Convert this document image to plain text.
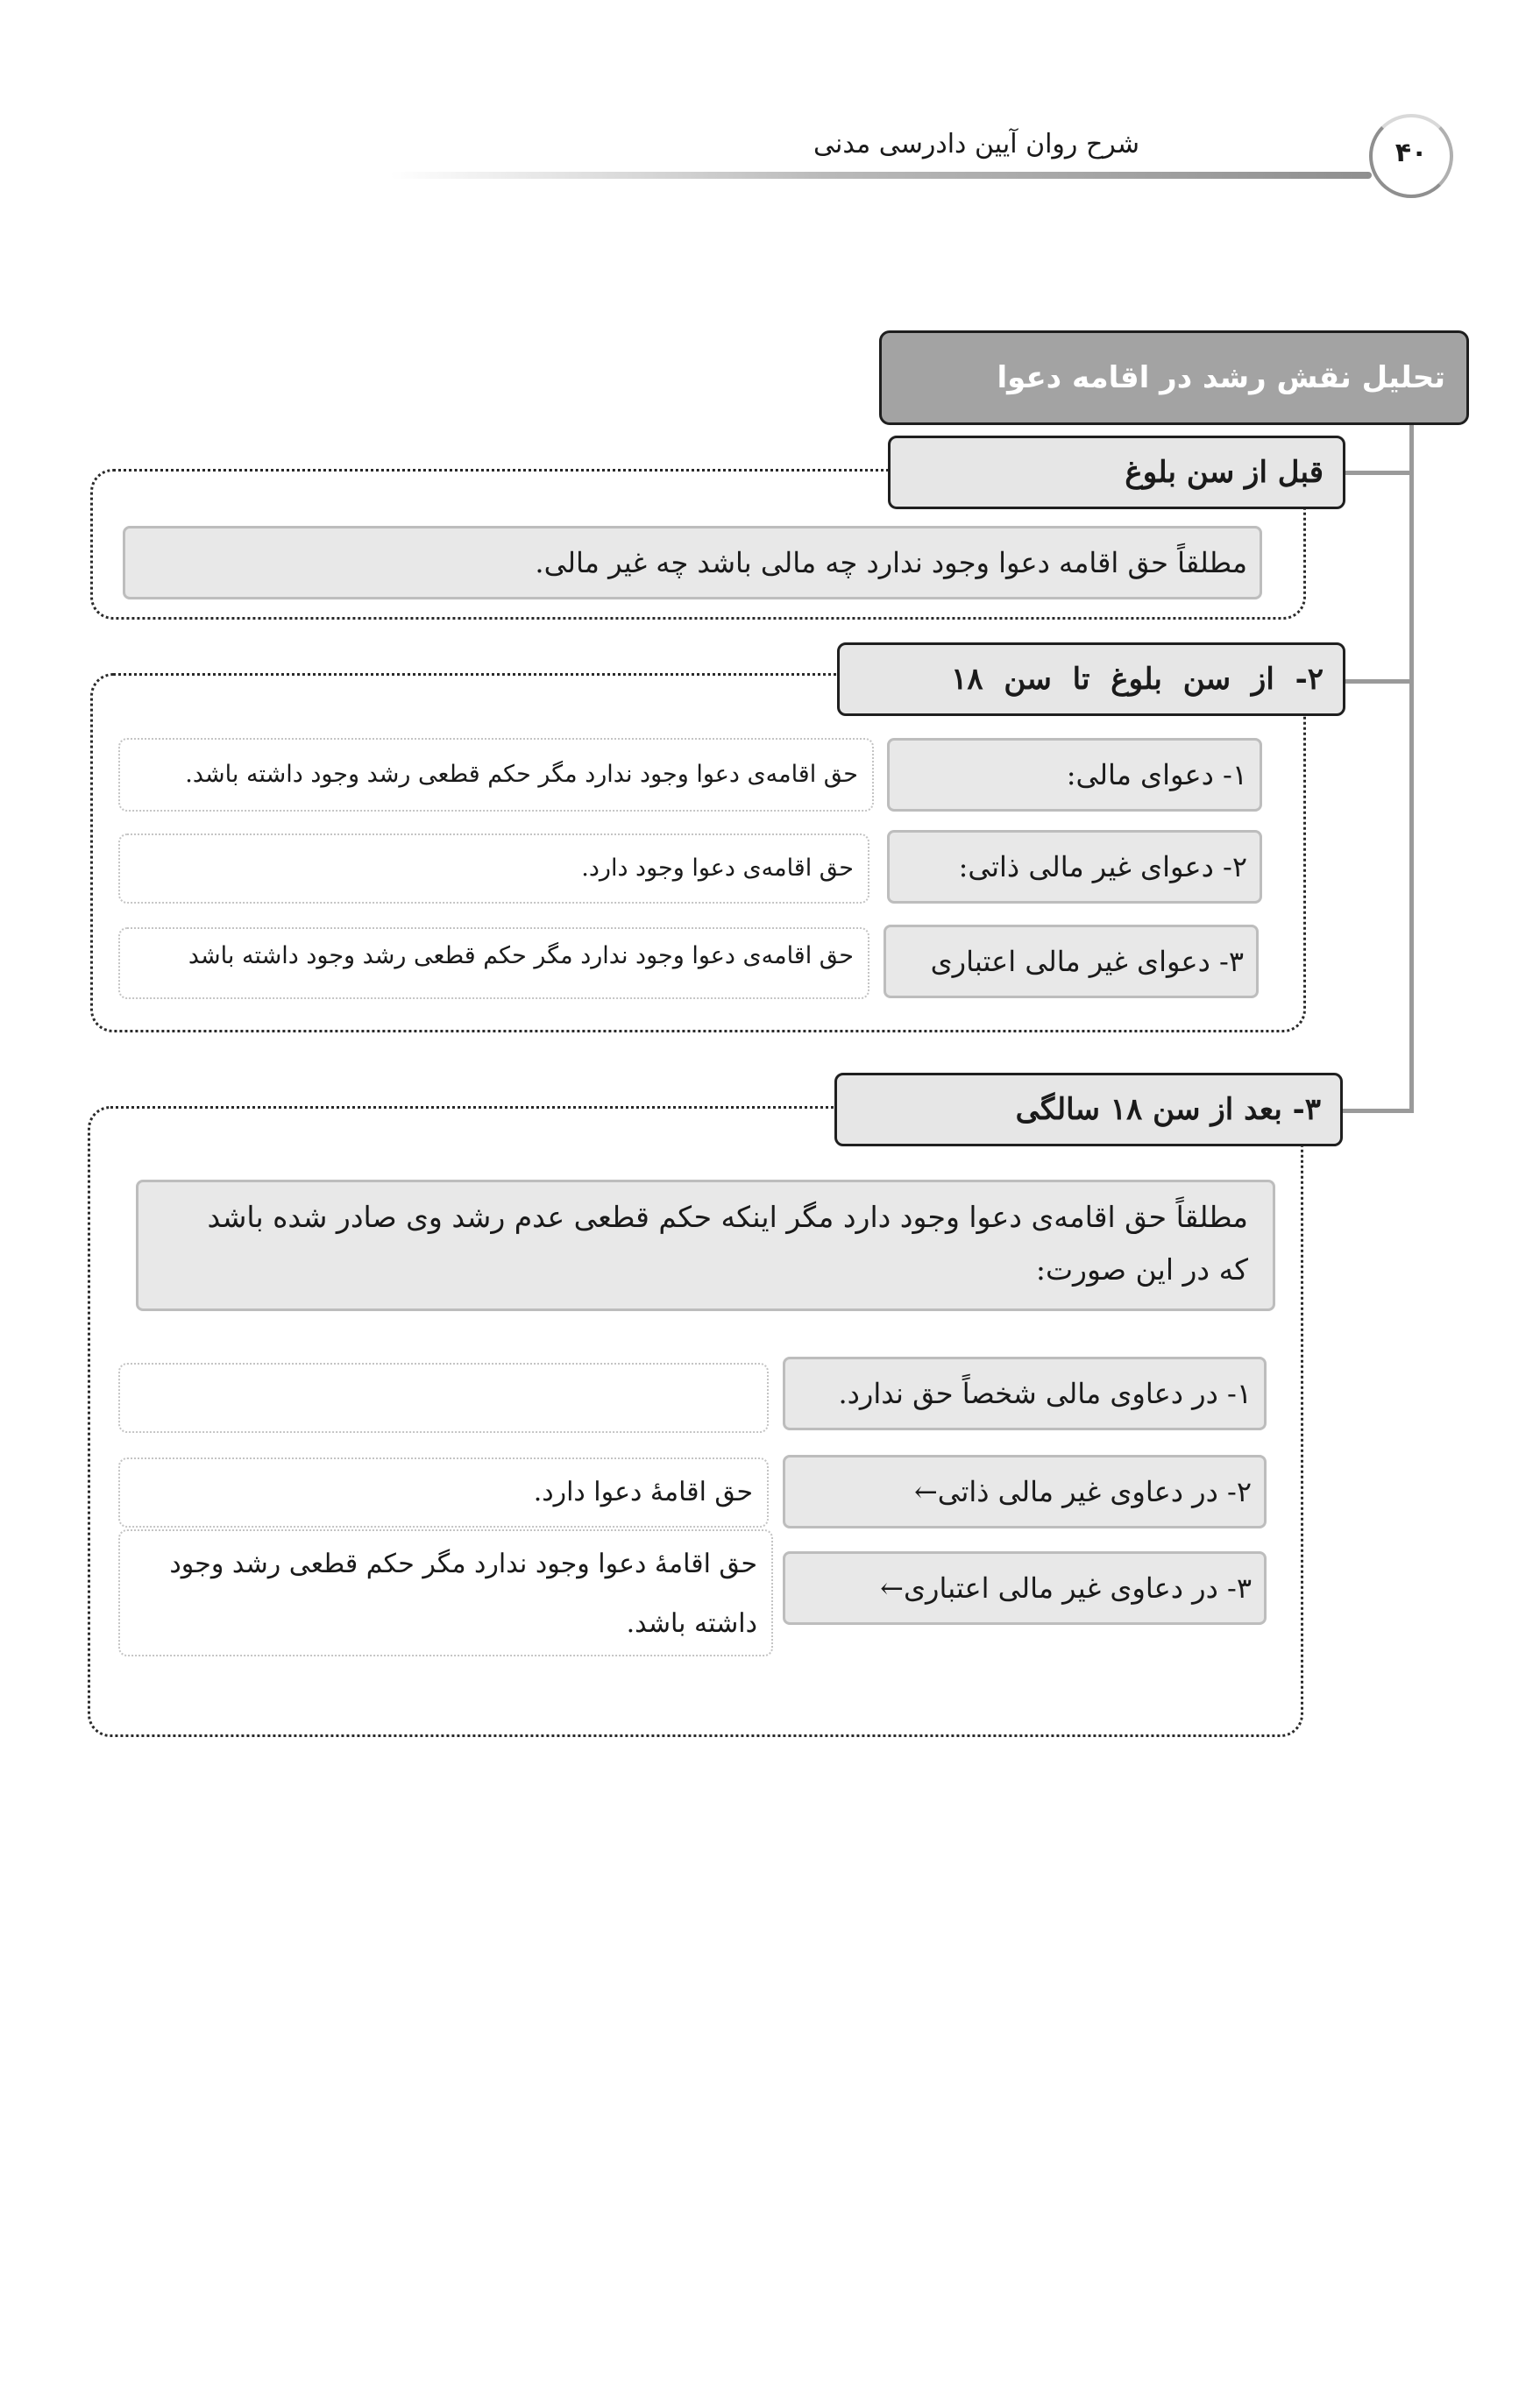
شرح روان آیین دادرسی مدنی	۴۰
تحلیل نقش رشد در اقامه دعوا
قبل از سن بلوغ
مطلقاً حق اقامه دعوا وجود ندارد چه مالی باشد چه غیر مالی.
۲- از سن بلوغ تا سن ۱۸
۱- دعوای مالی:
حق اقامه‌ی دعوا وجود ندارد مگر حکم قطعی رشد وجود داشته باشد.
۲- دعوای غیر مالی ذاتی:
حق اقامه‌ی دعوا وجود دارد.
۳- دعوای غیر مالی اعتباری
حق اقامه‌ی دعوا وجود ندارد مگر حکم قطعی رشد وجود داشته باشد
۳- بعد از سن ۱۸ سالگی
مطلقاً حق اقامه‌ی دعوا وجود دارد مگر اینکه حکم قطعی عدم رشد وی صادر شده باشد
که در این صورت:
۱- در دعاوی مالی شخصاً حق ندارد.
۲- در دعاوی غیر مالی ذاتی←
حق اقامهٔ دعوا دارد.
۳- در دعاوی غیر مالی اعتباری←
حق اقامهٔ دعوا وجود ندارد مگر حکم قطعی رشد وجود
داشته باشد.
